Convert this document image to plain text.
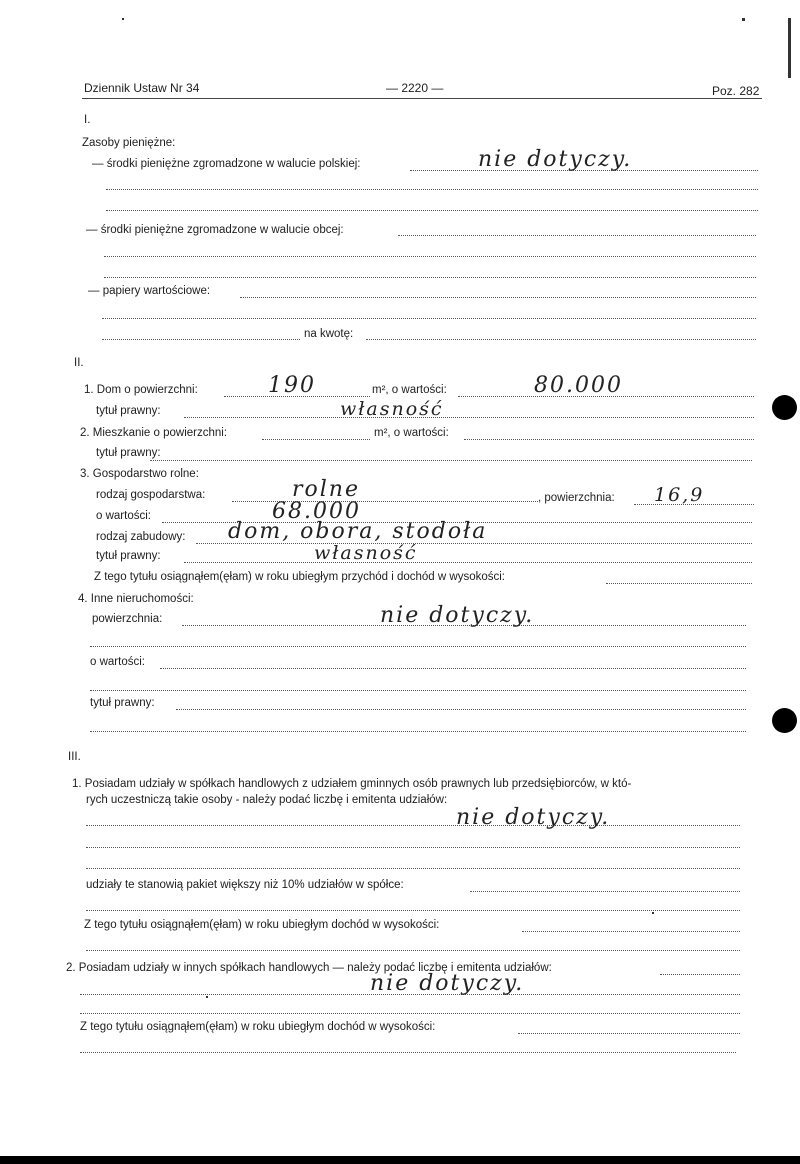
Dziennik Ustaw Nr 34	— 2220 —	Poz. 282
I.
Zasoby pieniężne:
— środki pieniężne zgromadzone w walucie polskiej:	nie dotyczy.
— środki pieniężne zgromadzone w walucie obcej:
— papiery wartościowe:
na kwotę:
II.
1. Dom o powierzchni:	190	m², o wartości:	80.000
tytuł prawny:	własność
2. Mieszkanie o powierzchni:	m², o wartości:
tytuł prawny:
3. Gospodarstwo rolne:
rodzaj gospodarstwa:	rolne	, powierzchnia: 16,9
o wartości:	68.000
rodzaj zabudowy: dom, obora, stodoła
tytuł prawny:	własność
Z tego tytułu osiągnąłem(ęłam) w roku ubiegłym przychód i dochód w wysokości:
4. Inne nieruchomości:
powierzchnia:	nie dotyczy.
o wartości:
tytuł prawny:
III.
1. Posiadam udziały w spółkach handlowych z udziałem gminnych osób prawnych lub przedsiębiorców, w któ-
rych uczestniczą takie osoby - należy podać liczbę i emitenta udziałów:
nie dotyczy.
udziały te stanowią pakiet większy niż 10% udziałów w spółce:
Z tego tytułu osiągnąłem(ęłam) w roku ubiegłym dochód w wysokości:
2. Posiadam udziały w innych spółkach handlowych — należy podać liczbę i emitenta udziałów:
nie dotyczy.
Z tego tytułu osiągnąłem(ęłam) w roku ubiegłym dochód w wysokości:
